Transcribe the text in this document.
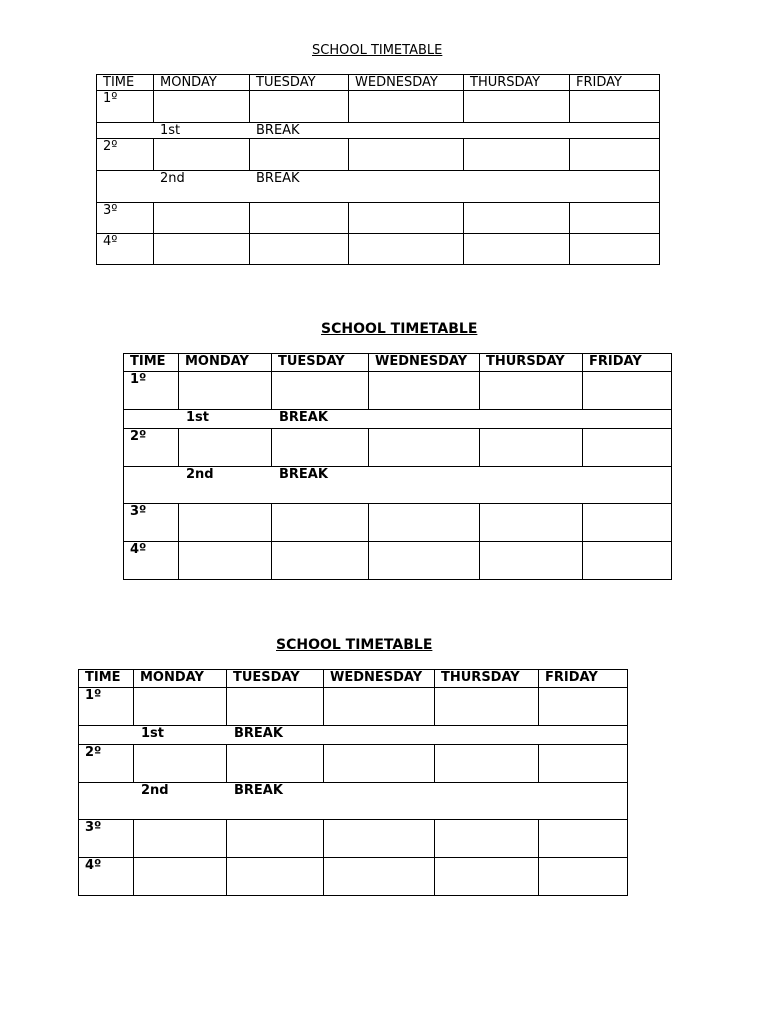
SCHOOL TIMETABLE
TIME	MONDAY	TUESDAY	WEDNESDAY	THURSDAY	FRIDAY
1º					
1st BREAK					
2º					
2nd BREAK					
3º					
4º					
SCHOOL TIMETABLE
TIME	MONDAY	TUESDAY	WEDNESDAY	THURSDAY	FRIDAY
1º					
1st BREAK					
2º					
2nd BREAK					
3º					
4º					
SCHOOL TIMETABLE
TIME	MONDAY	TUESDAY	WEDNESDAY	THURSDAY	FRIDAY
1º					
1st BREAK					
2º					
2nd BREAK					
3º					
4º					
